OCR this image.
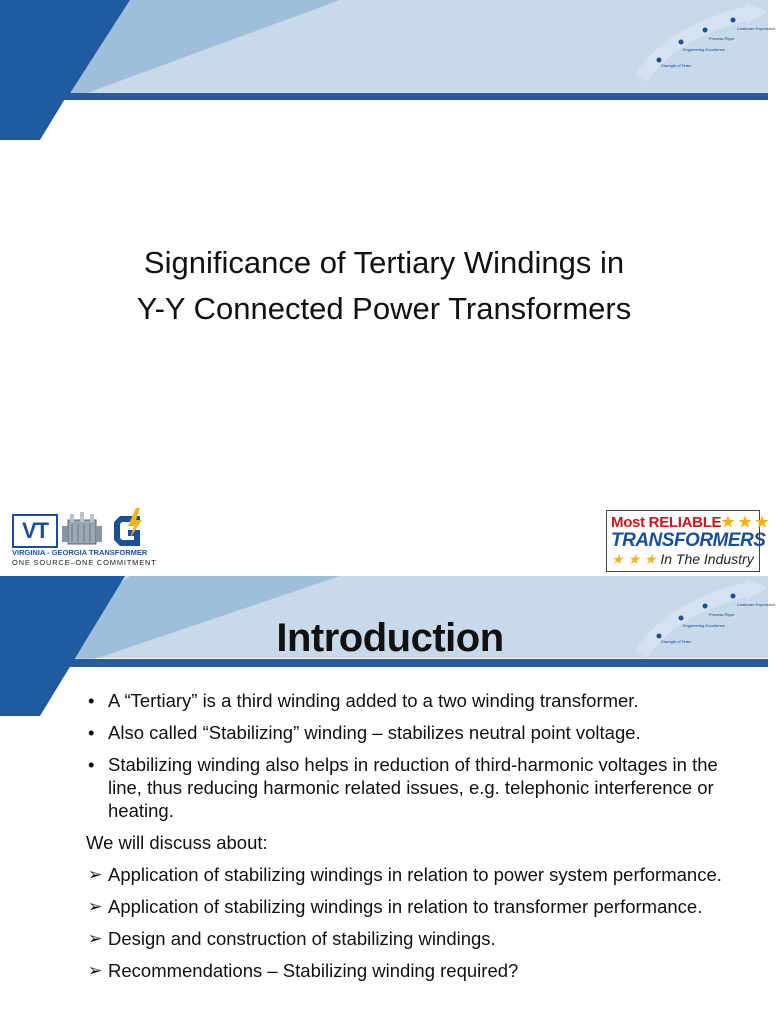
Customer Experience
Process Rigor
Engineering Excellence
Strength of Team
Significance of Tertiary Windings in
Y-Y Connected Power Transformers
VT
VIRGINIA - GEORGIA TRANSFORMER
ONE SOURCE–ONE COMMITMENT
Most RELIABLE★ ★ ★
TRANSFORMERS
★ ★ ★ In The Industry
Customer Experience
Process Rigor
Engineering Excellence
Strength of Team
Introduction
• A “Tertiary” is a third winding added to a two winding transformer.
• Also called “Stabilizing” winding – stabilizes neutral point voltage.
• Stabilizing winding also helps in reduction of third-harmonic voltages in the line, thus reducing harmonic related issues, e.g. telephonic interference or heating.
We will discuss about:
➢ Application of stabilizing windings in relation to power system performance.
➢ Application of stabilizing windings in relation to transformer performance.
➢ Design and construction of stabilizing windings.
➢ Recommendations – Stabilizing winding required?
